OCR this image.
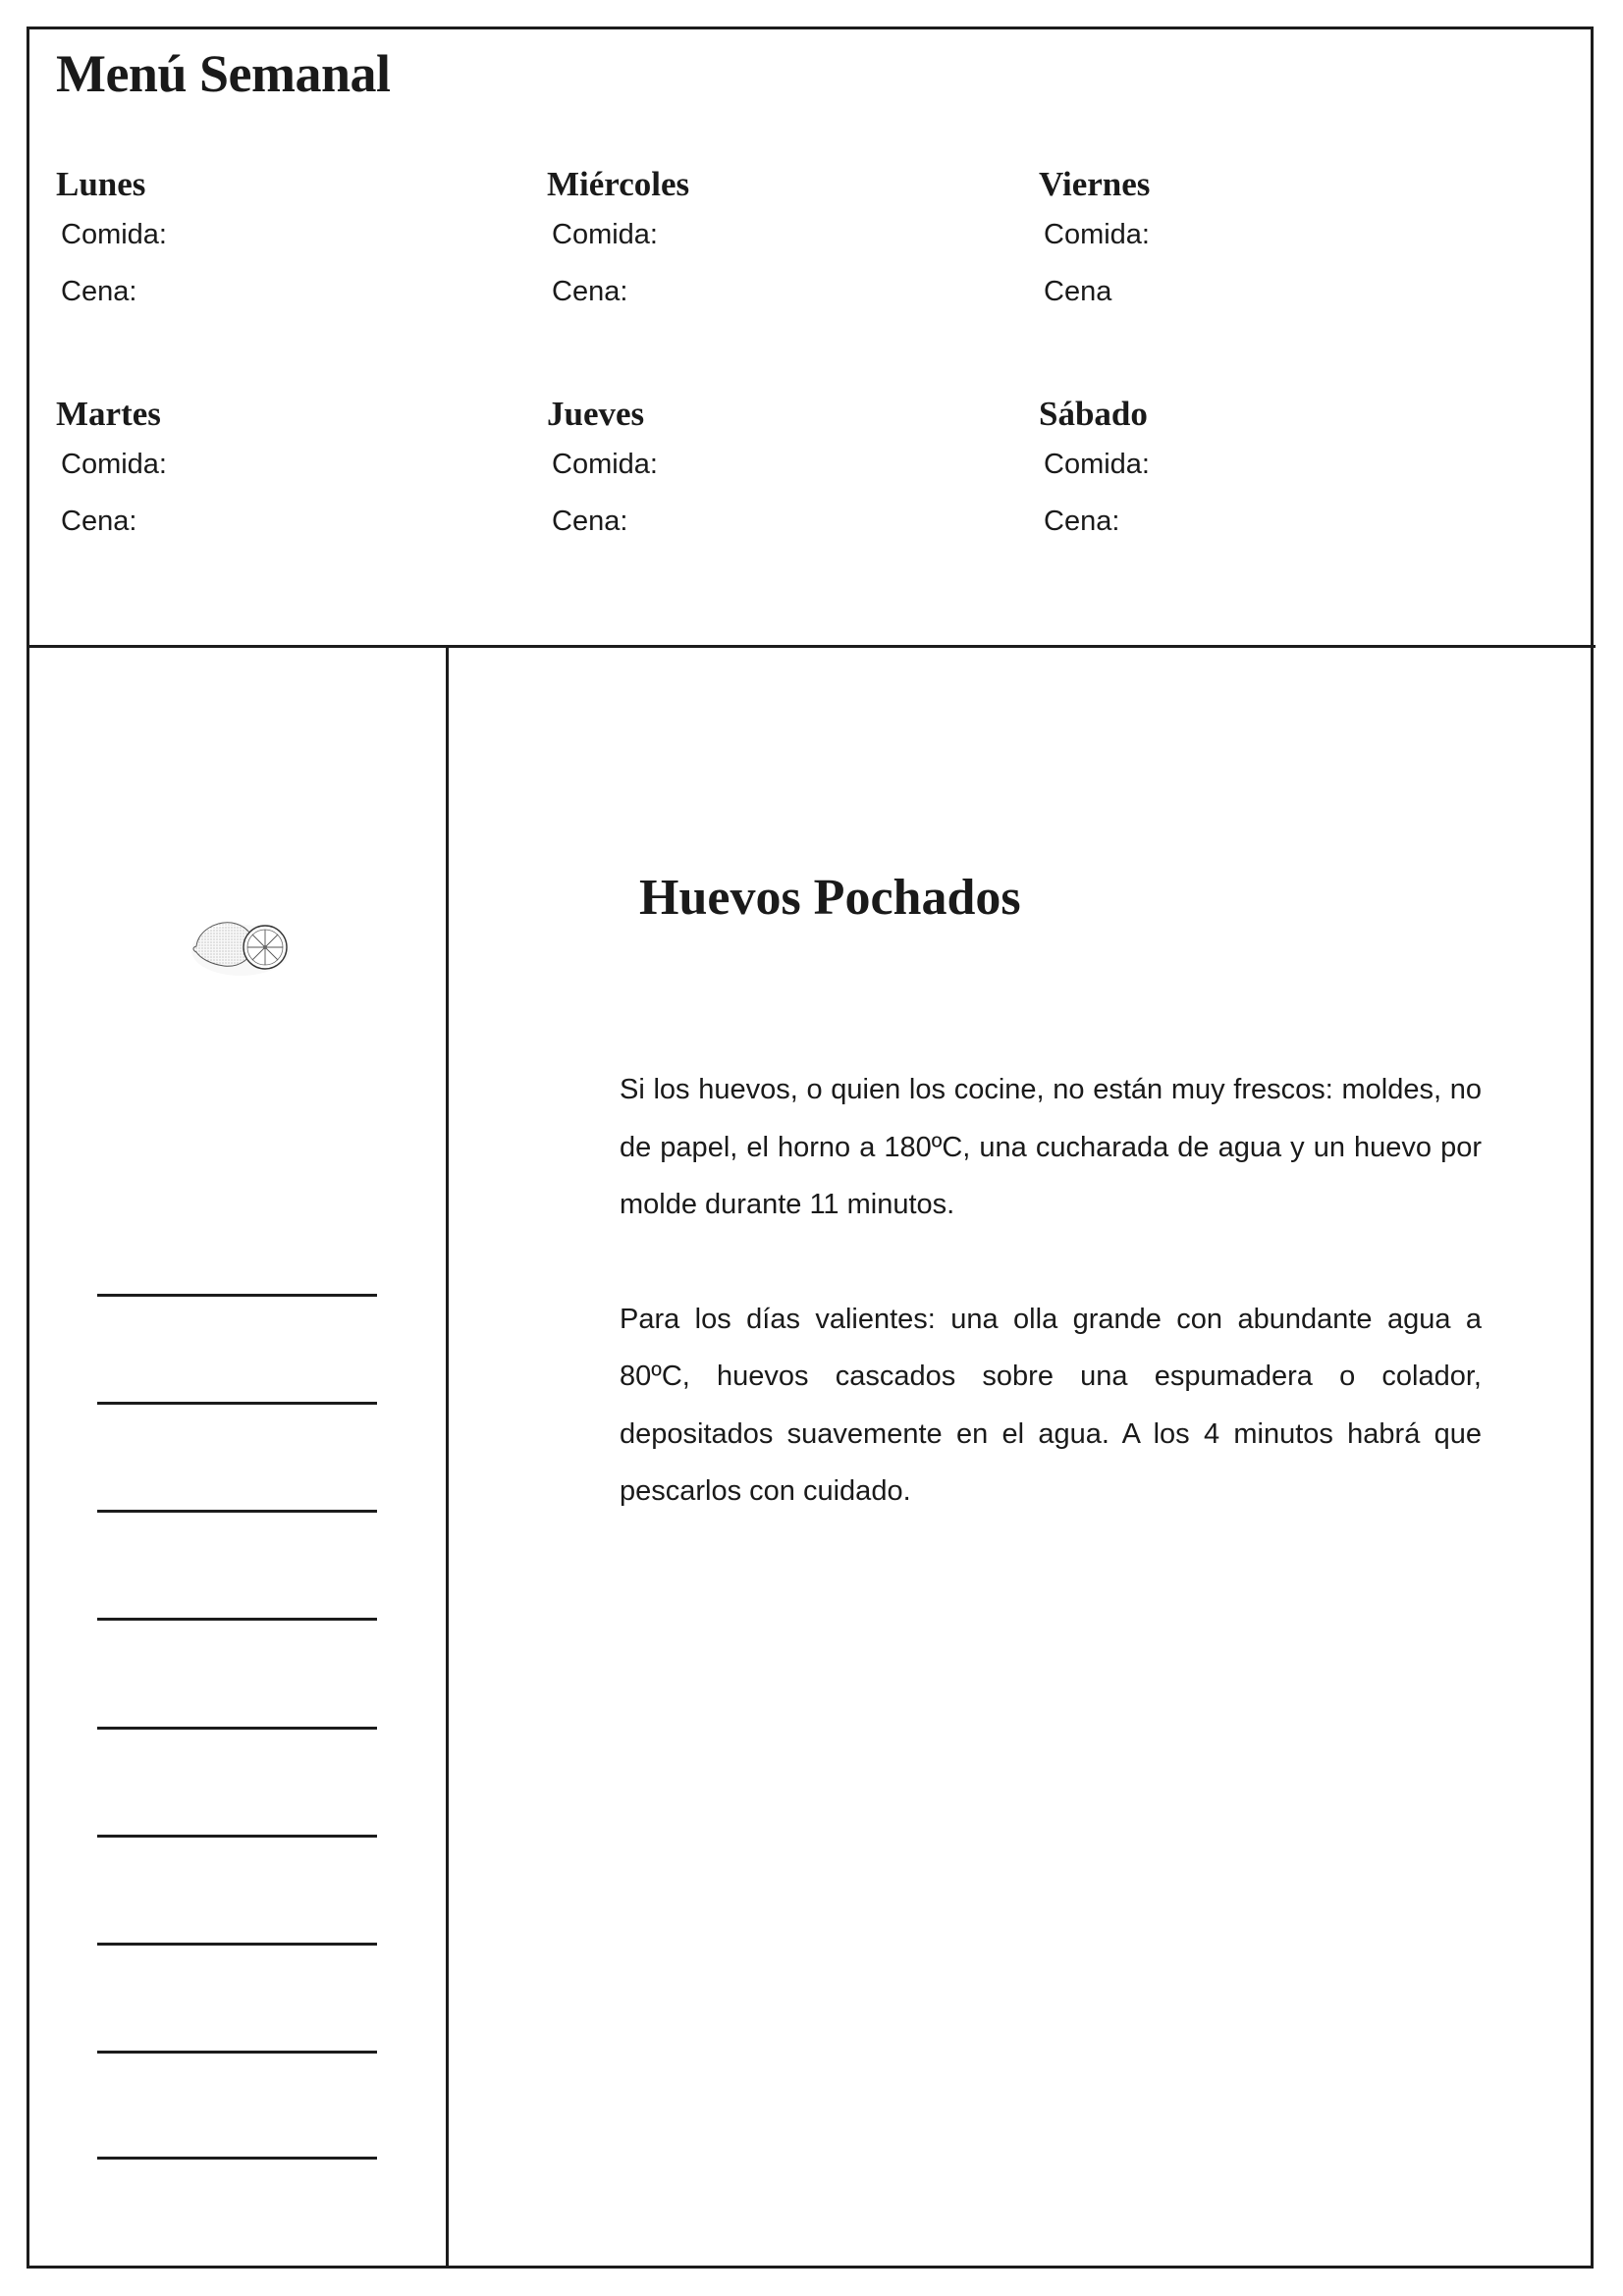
Menú Semanal
Lunes
Comida:
Cena:
Miércoles
Comida:
Cena:
Viernes
Comida:
Cena
Martes
Comida:
Cena:
Jueves
Comida:
Cena:
Sábado
Comida:
Cena:
Huevos Pochados

Si los huevos, o quien los cocine, no están muy frescos: moldes, no de papel, el horno a 180ºC, una cucharada de agua y un huevo por molde durante 11 minutos.

Para los días valientes: una olla grande con abundante agua a 80ºC, huevos cascados sobre una espumadera o colador, depositados suavemente en el agua. A los 4 minutos habrá que pescarlos con cuidado.
